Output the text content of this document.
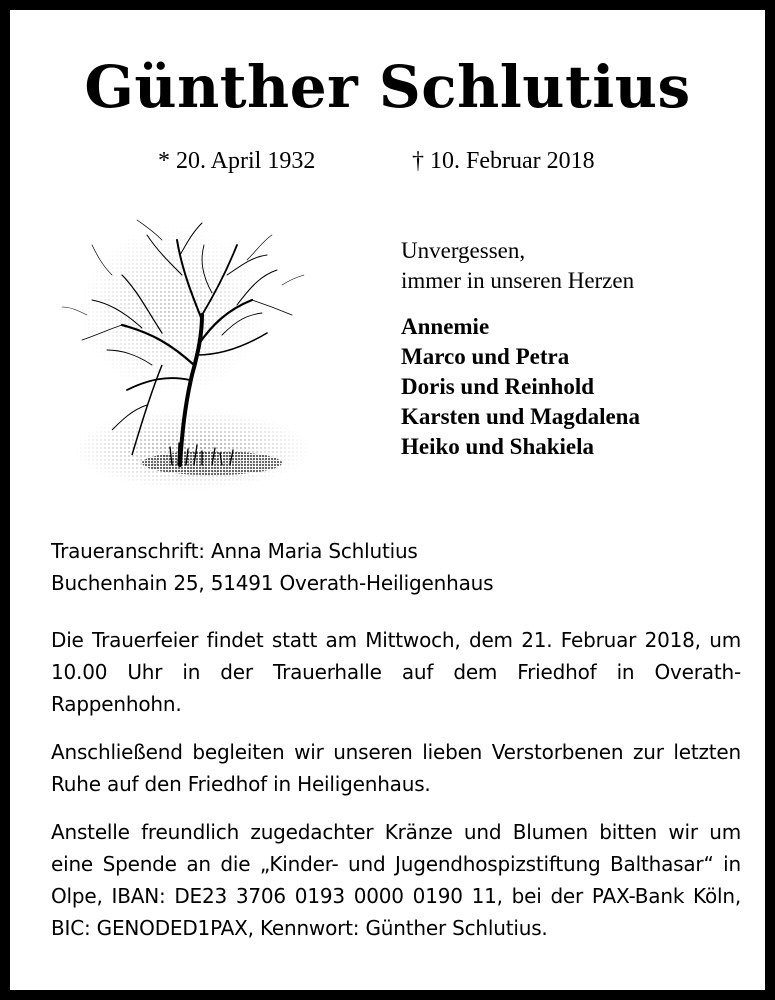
Günther Schlutius
* 20. April 1932	† 10. Februar 2018
Unvergessen,
immer in unseren Herzen
Annemie
Marco und Petra
Doris und Reinhold
Karsten und Magdalena
Heiko und Shakiela
Traueranschrift: Anna Maria Schlutius
Buchenhain 25, 51491 Overath-Heiligenhaus

Die Trauerfeier findet statt am Mittwoch, dem 21. Februar 2018, um 10.00 Uhr in der Trauerhalle auf dem Friedhof in Overath-Rappenhohn.

Anschließend begleiten wir unseren lieben Verstorbenen zur letzten Ruhe auf den Friedhof in Heiligenhaus.

Anstelle freundlich zugedachter Kränze und Blumen bitten wir um eine Spende an die „Kinder- und Jugendhospizstiftung Balthasar“ in Olpe, IBAN: DE23 3706 0193 0000 0190 11, bei der PAX-Bank Köln, BIC: GENODED1PAX, Kennwort: Günther Schlutius.
